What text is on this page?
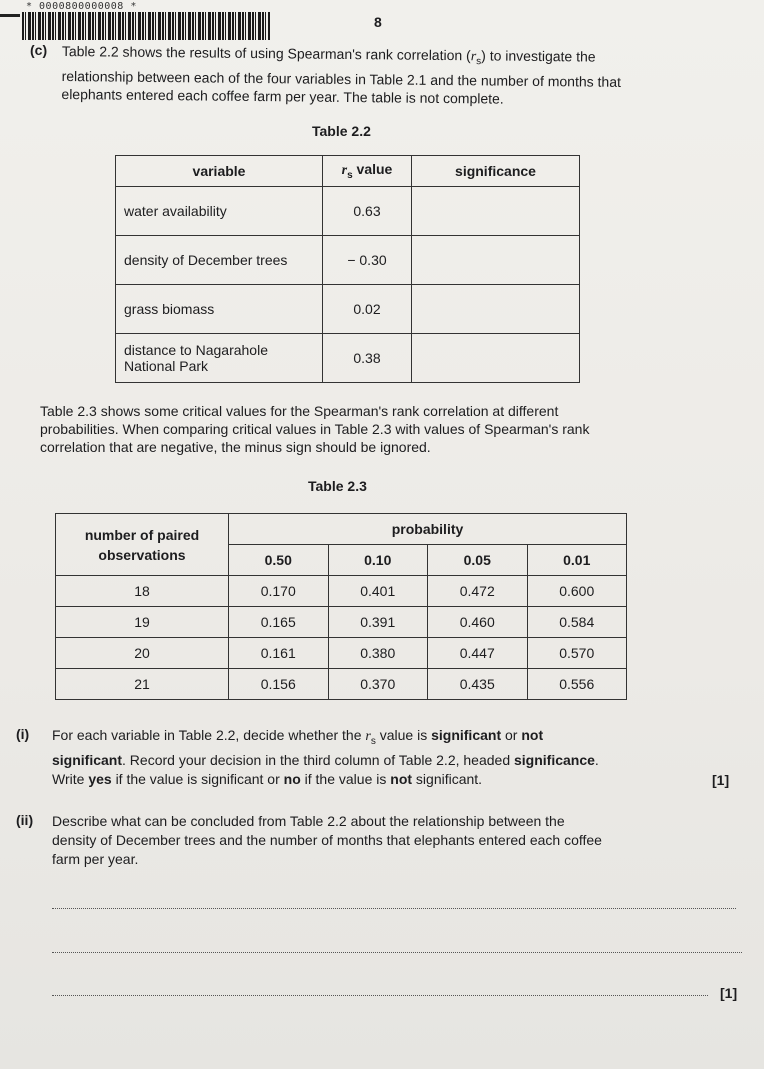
* 0000800000008 *
8
(c) Table 2.2 shows the results of using Spearman's rank correlation $(r_s)$ to investigate the
relationship between each of the four variables in Table 2.1 and the number of months that
elephants entered each coffee farm per year. The table is not complete.
Table 2.2
variable	$r_s$ value	significance
water availability	0.63	
density of December trees	− 0.30	
grass biomass	0.02	
distance to Nagarahole National Park	0.38	
Table 2.3 shows some critical values for the Spearman's rank correlation at different
probabilities. When comparing critical values in Table 2.3 with values of Spearman's rank
correlation that are negative, the minus sign should be ignored.
Table 2.3
number of paired observations	probability			
	0.50	0.10	0.05	0.01
18	0.170	0.401	0.472	0.600
19	0.165	0.391	0.460	0.584
20	0.161	0.380	0.447	0.570
21	0.156	0.370	0.435	0.556
(i) For each variable in Table 2.2, decide whether the $r_s$ value is significant or not
significant. Record your decision in the third column of Table 2.2, headed significance.
Write yes if the value is significant or no if the value is not significant.	[1]
(ii) Describe what can be concluded from Table 2.2 about the relationship between the
density of December trees and the number of months that elephants entered each coffee
farm per year.
[1]
